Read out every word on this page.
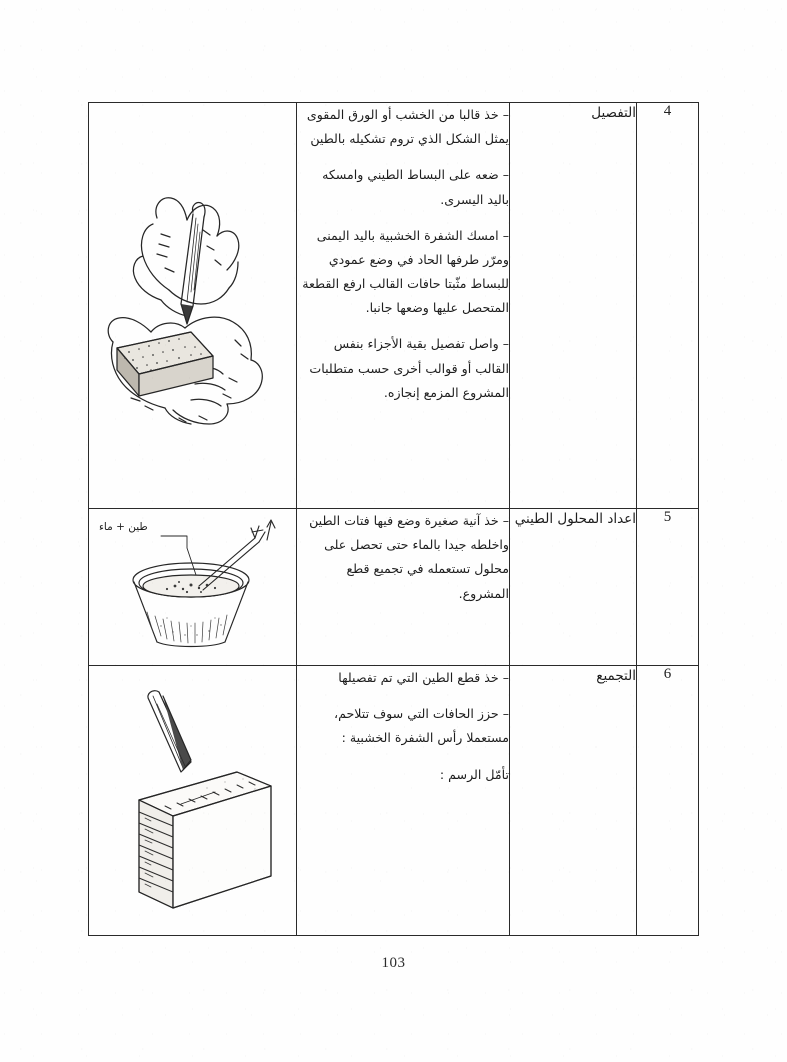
4	التفصيل	– خذ قالبا من الخشب أو الورق المقوى يمثل الشكل الذي تروم تشكيله بالطين

– ضعه على البساط الطيني وامسكه باليد اليسرى.

– امسك الشفرة الخشبية باليد اليمنى ومرّر طرفها الحاد في وضع عمودي للبساط مثّبتا حافات القالب ارفع القطعة المتحصل عليها وضعها جانبا.

– واصل تفصيل بقية الأجزاء بنفس القالب أو قوالب أخرى حسب متطلبات المشروع المزمع إنجازه.

5	اعداد المحلول الطيني	– خذ آنية صغيرة وضع فيها فتات الطين واخلطه جيدا بالماء حتى تحصل على محلول تستعمله في تجميع قطع المشروع.	طين + ماء

6	التجميع	– خذ قطع الطين التي تم تفصيلها

– حزز الحافات التي سوف تتلاحم، مستعملا رأس الشفرة الخشبية :

تأمّل الرسم :

103
